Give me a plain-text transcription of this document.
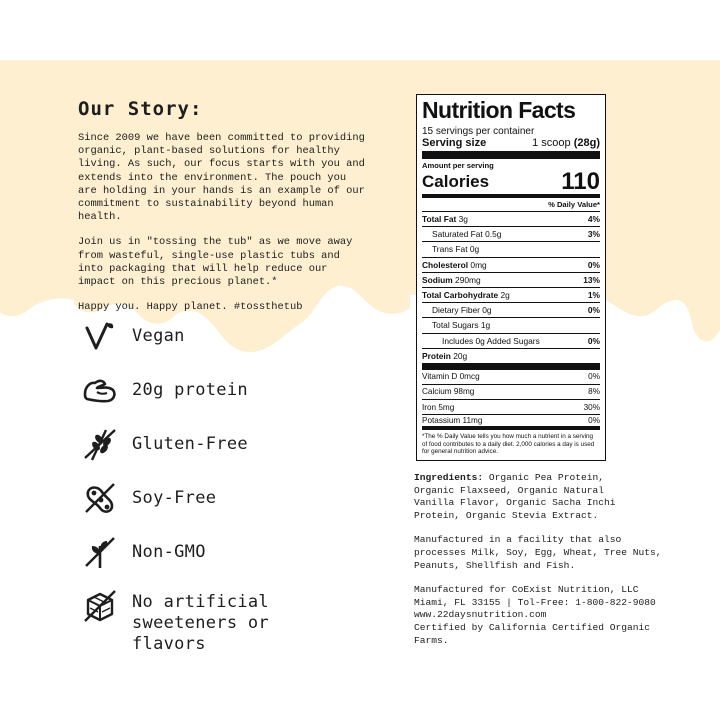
Our Story:

Since 2009 we have been committed to providing
organic, plant-based solutions for healthy
living. As such, our focus starts with you and
extends into the environment. The pouch you
are holding in your hands is an example of our
commitment to sustainability beyond human
health.

Join us in "tossing the tub" as we move away
from wasteful, single-use plastic tubs and
into packaging that will help reduce our
impact on this precious planet.*

Happy you. Happy planet. #tossthetub

Vegan
20g protein
Gluten-Free
Soy-Free
Non-GMO
No artificial
sweeteners or
flavors
Nutrition Facts
15 servings per container
Serving size	1 scoop (28g)
Amount per serving
Calories	110
% Daily Value*
Total Fat 3g	4%
Saturated Fat 0.5g	3%
Trans Fat 0g
Cholesterol 0mg	0%
Sodium 290mg	13%
Total Carbohydrate 2g	1%
Dietary Fiber 0g	0%
Total Sugars 1g
Includes 0g Added Sugars	0%
Protein 20g
Vitamin D 0mcg	0%
Calcium 98mg	8%
Iron 5mg	30%
Potassium 11mg	0%
*The % Daily Value tells you how much a nutrient in a serving of food contributes to a daily diet. 2,000 calories a day is used for general nutrition advice.

Ingredients: Organic Pea Protein,
Organic Flaxseed, Organic Natural
Vanilla Flavor, Organic Sacha Inchi
Protein, Organic Stevia Extract.

Manufactured in a facility that also
processes Milk, Soy, Egg, Wheat, Tree Nuts,
Peanuts, Shellfish and Fish.

Manufactured for CoExist Nutrition, LLC
Miami, FL 33155 | Tol-Free: 1-800-822-9080
www.22daysnutrition.com
Certified by California Certified Organic
Farms.
